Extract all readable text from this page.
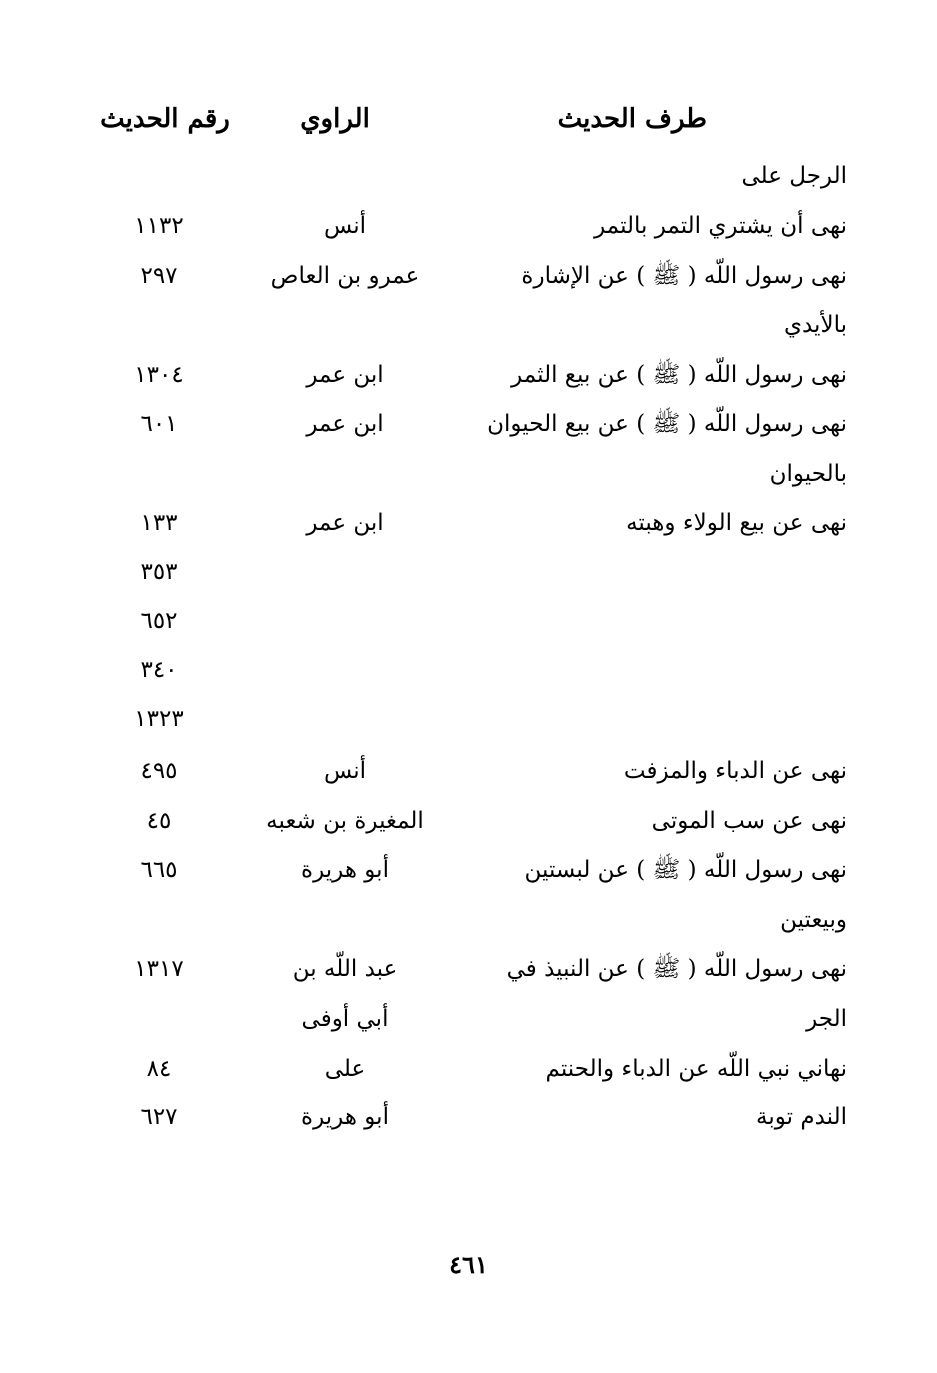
طرف الحديث
الراوي
رقم الحديث
الرجل على
نهى أن يشتري التمر بالتمر
أنس
١١٣٢
نهى رسول اللّه ( ﷺ ) عن الإشارة
عمرو بن العاص
٢٩٧
بالأيدي
نهى رسول اللّه ( ﷺ ) عن بيع الثمر
ابن عمر
١٣٠٤
نهى رسول اللّه ( ﷺ ) عن بيع الحيوان
ابن عمر
٦٠١
بالحيوان
نهى عن بيع الولاء وهبته
ابن عمر
١٣٣
٣٥٣
٦٥٢
٣٤٠
١٣٢٣
نهى عن الدباء والمزفت
أنس
٤٩٥
نهى عن سب الموتى
المغيرة بن شعبه
٤٥
نهى رسول اللّه ( ﷺ ) عن لبستين
أبو هريرة
٦٦٥
وبيعتين
نهى رسول اللّه ( ﷺ ) عن النبيذ في
عبد اللّه بن
١٣١٧
الجر
أبي أوفى
نهاني نبي اللّه عن الدباء والحنتم
على
٨٤
الندم توبة
أبو هريرة
٦٢٧
٤٦١
